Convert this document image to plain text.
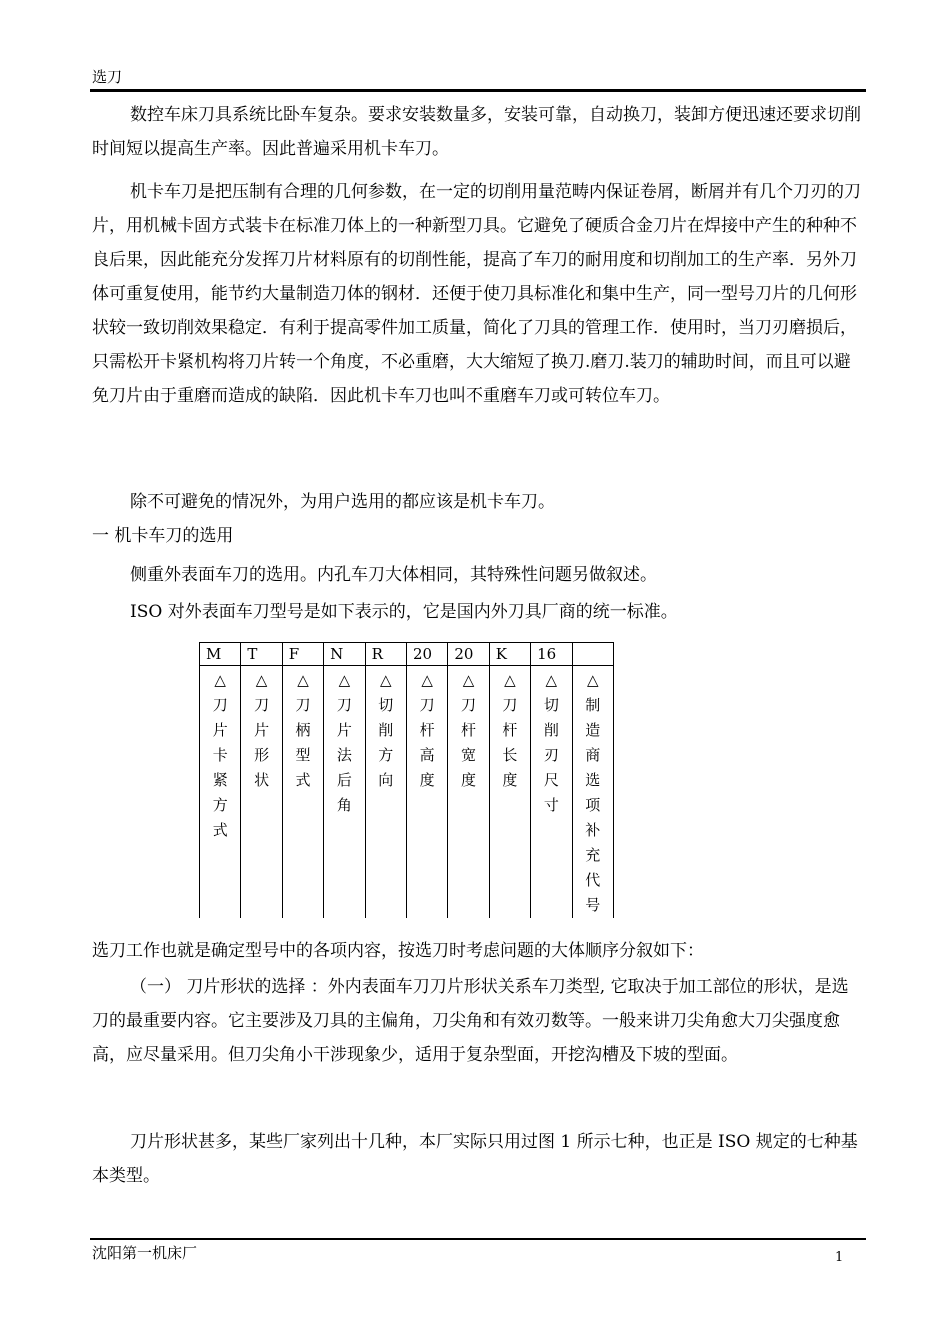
选刀

数控车床刀具系统比卧车复杂。要求安装数量多，安装可靠，自动换刀，装卸方便迅速还要求切削时间短以提高生产率。因此普遍采用机卡车刀。

机卡车刀是把压制有合理的几何参数，在一定的切削用量范畴内保证卷屑，断屑并有几个刀刃的刀片，用机械卡固方式装卡在标准刀体上的一种新型刀具。它避免了硬质合金刀片在焊接中产生的种种不良后果，因此能充分发挥刀片材料原有的切削性能，提高了车刀的耐用度和切削加工的生产率．另外刀体可重复使用，能节约大量制造刀体的钢材．还便于使刀具标准化和集中生产，同一型号刀片的几何形状较一致切削效果稳定．有利于提高零件加工质量，简化了刀具的管理工作．使用时，当刀刃磨损后，只需松开卡紧机构将刀片转一个角度，不必重磨，大大缩短了换刀.磨刀.装刀的辅助时间，而且可以避免刀片由于重磨而造成的缺陷．因此机卡车刀也叫不重磨车刀或可转位车刀。

除不可避免的情况外，为用户选用的都应该是机卡车刀。

一 机卡车刀的选用

侧重外表面车刀的选用。内孔车刀大体相同，其特殊性问题另做叙述。

ISO 对外表面车刀型号是如下表示的，它是国内外刀具厂商的统一标准。

M	T	F	N	R	20	20	K	16	
△刀片卡紧方式	△刀片形状	△刀柄型式	△刀片法后角	△切削方向	△刀杆高度	△刀杆宽度	△刀杆长度	△切削刃尺寸	△制造商选项补充代号

选刀工作也就是确定型号中的各项内容，按选刀时考虑问题的大体顺序分叙如下：

（一） 刀片形状的选择 ：外内表面车刀刀片形状关系车刀类型, 它取决于加工部位的形状，是选刀的最重要内容。它主要涉及刀具的主偏角，刀尖角和有效刃数等。一般来讲刀尖角愈大刀尖强度愈高，应尽量采用。但刀尖角小干涉现象少，适用于复杂型面，开挖沟槽及下坡的型面。

刀片形状甚多，某些厂家列出十几种，本厂实际只用过图 1 所示七种，也正是 ISO 规定的七种基本类型。

沈阳第一机床厂	1
